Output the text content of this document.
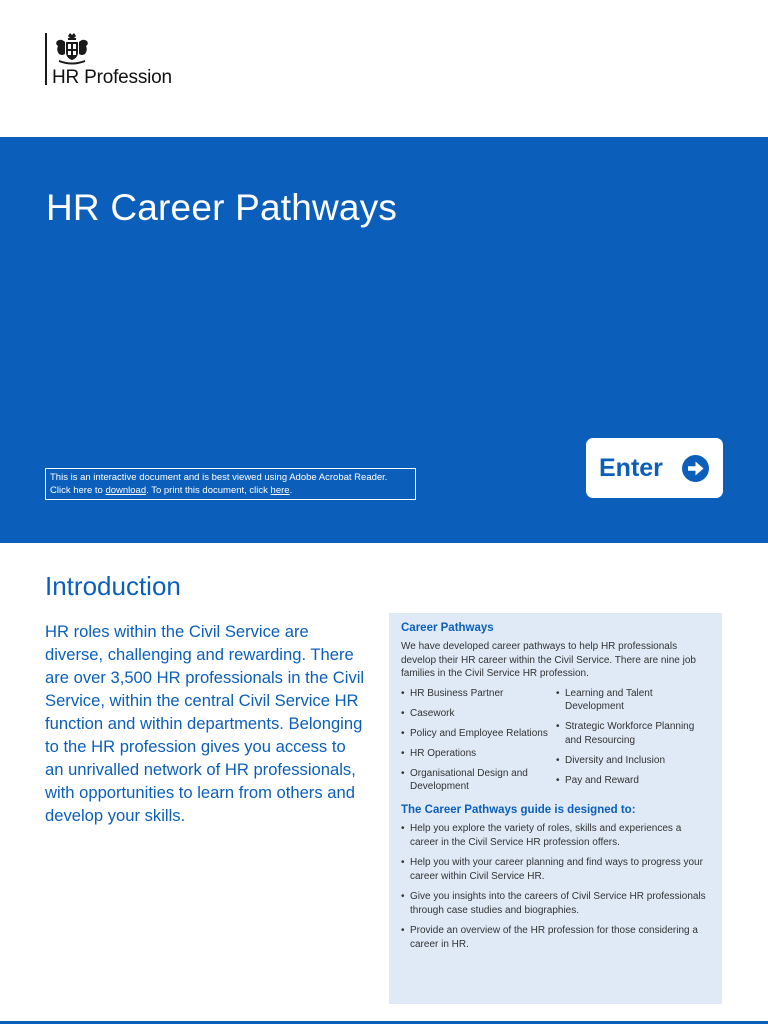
HR Profession
HR Career Pathways
This is an interactive document and is best viewed using Adobe Acrobat Reader.
Click here to download. To print this document, click here.
Enter
Introduction

HR roles within the Civil Service are diverse, challenging and rewarding. There are over 3,500 HR professionals in the Civil Service, within the central Civil Service HR function and within departments. Belonging to the HR profession gives you access to an unrivalled network of HR professionals, with opportunities to learn from others and develop your skills.

Career Pathways

We have developed career pathways to help HR professionals develop their HR career within the Civil Service. There are nine job families in the Civil Service HR profession.

• HR Business Partner
• Casework
• Policy and Employee Relations
• HR Operations
• Organisational Design and Development
• Learning and Talent Development
• Strategic Workforce Planning and Resourcing
• Diversity and Inclusion
• Pay and Reward
The Career Pathways guide is designed to:
• Help you explore the variety of roles, skills and experiences a career in the Civil Service HR profession offers.
• Help you with your career planning and find ways to progress your career within Civil Service HR.
• Give you insights into the careers of Civil Service HR professionals through case studies and biographies.
• Provide an overview of the HR profession for those considering a career in HR.
